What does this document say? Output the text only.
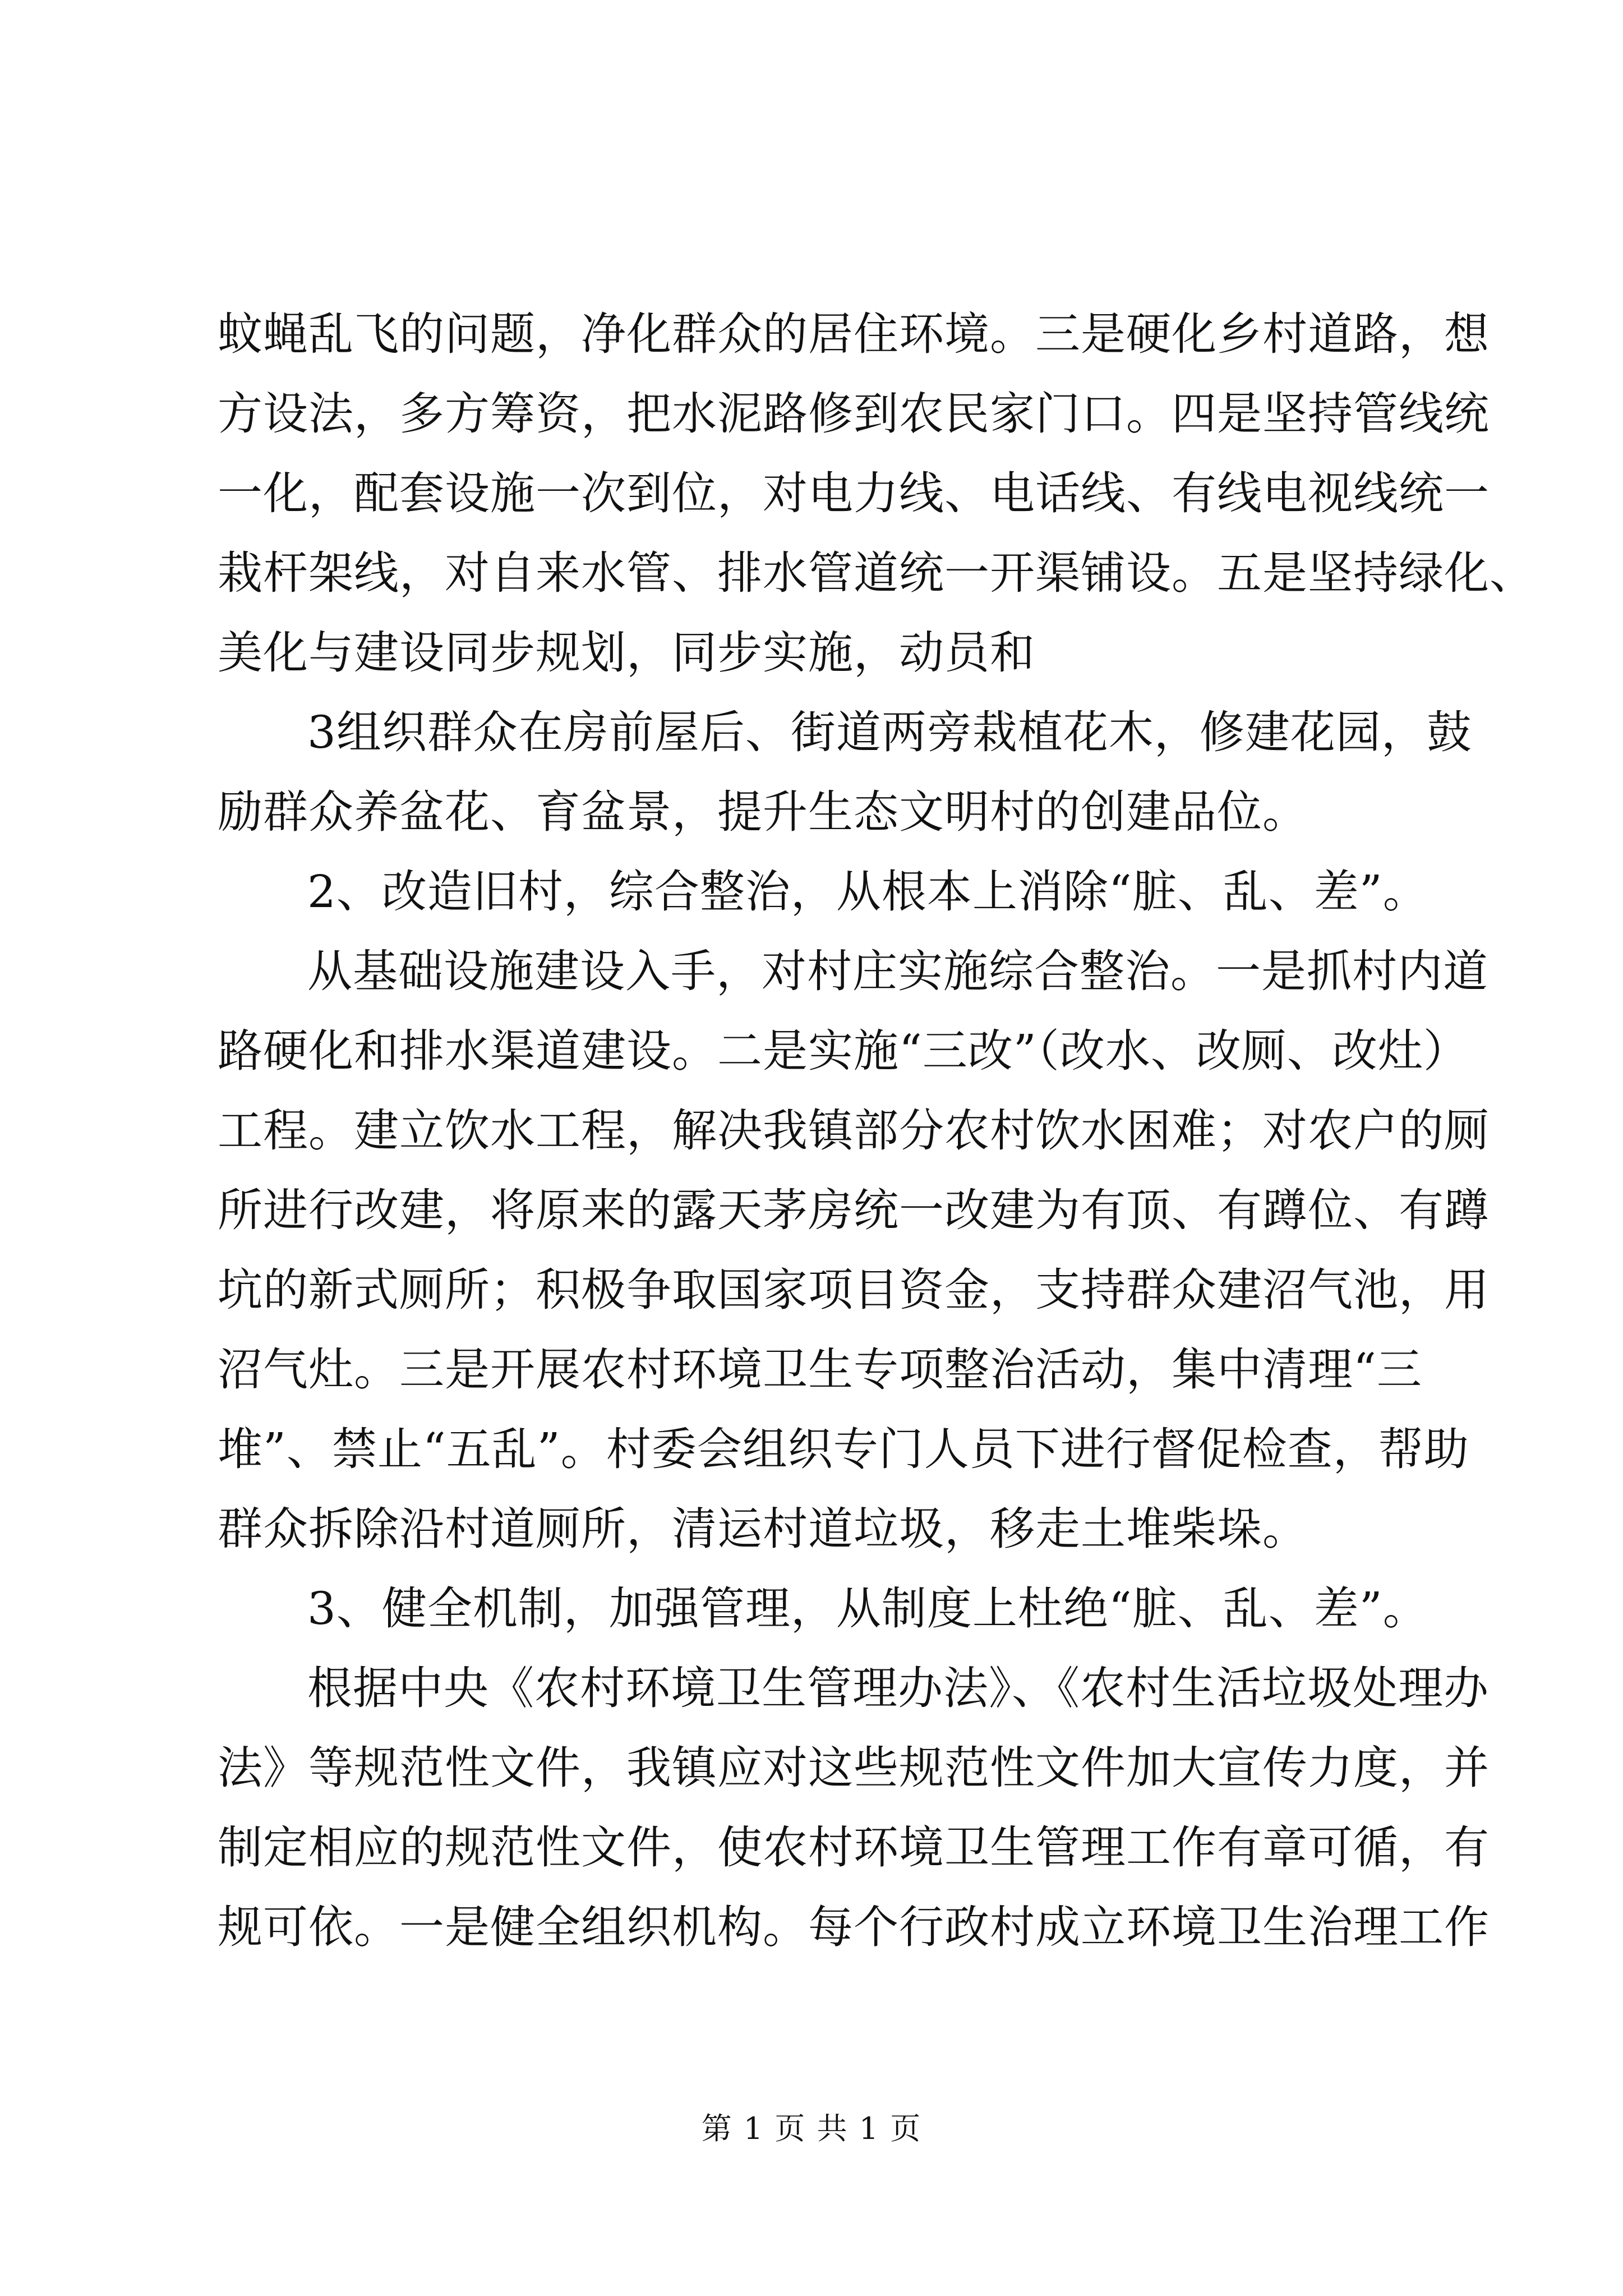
蚊蝇乱飞的问题，净化群众的居住环境。三是硬化乡村道路，想
方设法，多方筹资，把水泥路修到农民家门口。四是坚持管线统
一化，配套设施一次到位，对电力线、电话线、有线电视线统一
栽杆架线，对自来水管、排水管道统一开渠铺设。五是坚持绿化、
美化与建设同步规划，同步实施，动员和
3组织群众在房前屋后、街道两旁栽植花木，修建花园，鼓
励群众养盆花、育盆景，提升生态文明村的创建品位。
2、改造旧村，综合整治，从根本上消除“脏、乱、差”。
从基础设施建设入手，对村庄实施综合整治。一是抓村内道
路硬化和排水渠道建设。二是实施“三改”（改水、改厕、改灶）
工程。建立饮水工程，解决我镇部分农村饮水困难；对农户的厕
所进行改建，将原来的露天茅房统一改建为有顶、有蹲位、有蹲
坑的新式厕所；积极争取国家项目资金，支持群众建沼气池，用
沼气灶。三是开展农村环境卫生专项整治活动，集中清理“三
堆”、禁止“五乱”。村委会组织专门人员下进行督促检查，帮助
群众拆除沿村道厕所，清运村道垃圾，移走土堆柴垛。
3、健全机制，加强管理，从制度上杜绝“脏、乱、差”。
根据中央《农村环境卫生管理办法》、《农村生活垃圾处理办
法》等规范性文件，我镇应对这些规范性文件加大宣传力度，并
制定相应的规范性文件，使农村环境卫生管理工作有章可循，有
规可依。一是健全组织机构。每个行政村成立环境卫生治理工作
第 1 页 共 1 页
